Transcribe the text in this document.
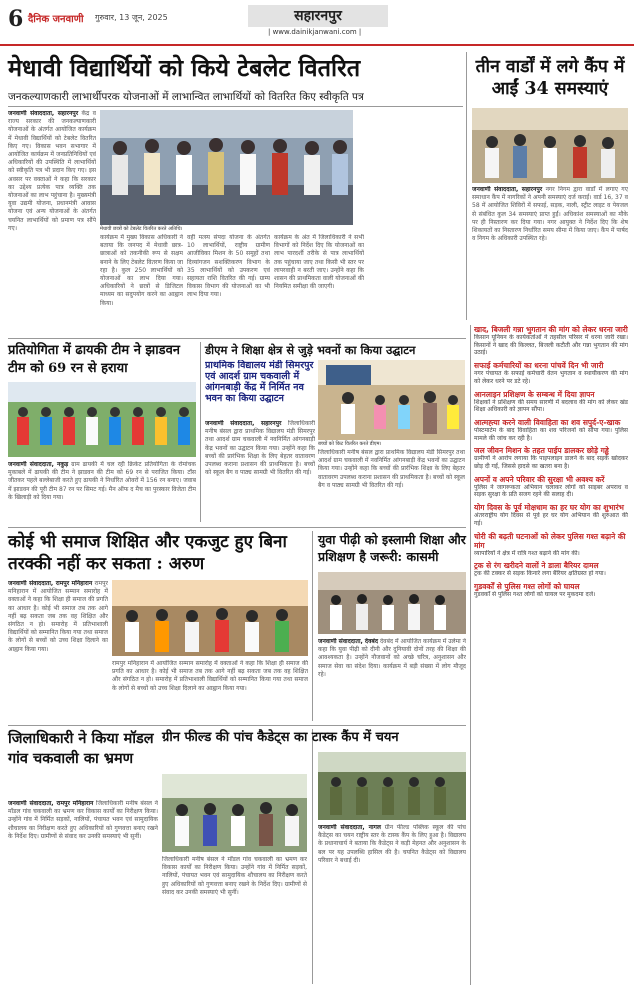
6 दैनिक जनवाणी गुरुवार, 13 जून, 2025	सहारनपुर
| www.dainikjanwani.com |
मेधावी विद्यार्थियों को किये टेबलेट वितरित
जनकल्याणकारी लाभार्थीपरक योजनाओं में लाभान्वित लाभार्थियों को वितरित किए स्वीकृति पत्र
जनवाणी संवाददाता, सहारनपुर केंद्र व राज्य सरकार की जनकल्याणकारी योजनाओं के अंतर्गत आयोजित कार्यक्रम में मेधावी विद्यार्थियों को टेबलेट वितरित किए गए। विकास भवन सभागार में आयोजित कार्यक्रम में जनप्रतिनिधियों एवं अधिकारियों की उपस्थिति में लाभार्थियों को स्वीकृति पत्र भी प्रदान किए गए। इस अवसर पर वक्ताओं ने कहा कि सरकार का उद्देश्य प्रत्येक पात्र व्यक्ति तक योजनाओं का लाभ पहुंचाना है। मुख्यमंत्री युवा उद्यमी योजना, प्रधानमंत्री आवास योजना एवं अन्य योजनाओं के अंतर्गत चयनित लाभार्थियों को प्रमाण पत्र सौंपे गए।	मेधावी छात्रों को टेबलेट वितरित करते अतिथि।
कार्यक्रम में मुख्य विकास अधिकारी ने बताया कि जनपद में मेधावी छात्र-छात्राओं को तकनीकी रूप से सक्षम बनाने के लिए टेबलेट वितरण किया जा रहा है। कुल 250 लाभार्थियों को योजनाओं का लाभ दिया गया। अधिकारियों ने छात्रों से डिजिटल माध्यम का सदुपयोग करने का आह्वान किया।
वहीं मत्स्य संपदा योजना के अंतर्गत 10 लाभार्थियों, राष्ट्रीय ग्रामीण आजीविका मिशन के 50 समूहों तथा दिव्यांगजन सशक्तिकरण विभाग के 35 लाभार्थियों को उपकरण एवं सहायता राशि वितरित की गई। ग्राम्य विकास विभाग की योजनाओं का भी लाभ दिया गया।
कार्यक्रम के अंत में जिलाधिकारी ने सभी विभागों को निर्देश दिए कि योजनाओं का लाभ पारदर्शी तरीके से पात्र लाभार्थियों तक पहुंचाया जाए तथा किसी भी स्तर पर लापरवाही न बरती जाए। उन्होंने कहा कि शासन की प्राथमिकता वाली योजनाओं की नियमित समीक्षा की जाएगी।
तीन वार्डों में लगे कैंप में आईं 34 समस्याएं
जनवाणी संवाददाता, सहारनपुर नगर निगम द्वारा वार्डों में लगाए गए समाधान कैंप में नागरिकों ने अपनी समस्याएं दर्ज कराईं। वार्ड 16, 37 व 58 में आयोजित शिविरों में सफाई, सड़क, नाली, स्ट्रीट लाइट व पेयजल से संबंधित कुल 34 समस्याएं प्राप्त हुईं। अधिकांश समस्याओं का मौके पर ही निस्तारण कर दिया गया। नगर आयुक्त ने निर्देश दिए कि शेष शिकायतों का निस्तारण निर्धारित समय सीमा में किया जाए। कैंप में पार्षद व निगम के अधिकारी उपस्थित रहे।
प्रतियोगिता में ढायकी टीम ने झाडवन टीम को 69 रन से हराया
जनवाणी संवाददाता, नकुड़ ग्राम ढायकी में चल रही क्रिकेट प्रतियोगिता के रोमांचक मुकाबले में ढायकी की टीम ने झाडवन की टीम को 69 रन से पराजित किया। टॉस जीतकर पहले बल्लेबाजी करते हुए ढायकी ने निर्धारित ओवरों में 156 रन बनाए। जवाब में झाडवन की पूरी टीम 87 रन पर सिमट गई। मैन ऑफ द मैच का पुरस्कार विजेता टीम के खिलाड़ी को दिया गया।
डीएम ने शिक्षा क्षेत्र से जुड़े भवनों का किया उद्घाटन
प्राथमिक विद्यालय मंडी सिमरपुर एवं आदर्श ग्राम चकवाली में आंगनबाड़ी केंद्र में निर्मित नव भवन का किया उद्घाटन
बच्चों को किट वितरित करते डीएम।
जनवाणी संवाददाता, सहारनपुर जिलाधिकारी मनीष बंसल द्वारा प्राथमिक विद्यालय मंडी सिमरपुर तथा आदर्श ग्राम चकवाली में नवनिर्मित आंगनबाड़ी केंद्र भवनों का उद्घाटन किया गया। उन्होंने कहा कि बच्चों की प्रारंभिक शिक्षा के लिए बेहतर वातावरण उपलब्ध कराना प्रशासन की प्राथमिकता है। बच्चों को स्कूल बैग व पाठ्य सामग्री भी वितरित की गई।
जिलाधिकारी मनीष बंसल द्वारा प्राथमिक विद्यालय मंडी सिमरपुर तथा आदर्श ग्राम चकवाली में नवनिर्मित आंगनबाड़ी केंद्र भवनों का उद्घाटन किया गया। उन्होंने कहा कि बच्चों की प्रारंभिक शिक्षा के लिए बेहतर वातावरण उपलब्ध कराना प्रशासन की प्राथमिकता है। बच्चों को स्कूल बैग व पाठ्य सामग्री भी वितरित की गई।
कोई भी समाज शिक्षित और एकजुट हुए बिना तरक्की नहीं कर सकता : अरुण
जनवाणी संवाददाता, रामपुर मनिहारान रामपुर मनिहारान में आयोजित सम्मान समारोह में वक्ताओं ने कहा कि शिक्षा ही समाज की प्रगति का आधार है। कोई भी समाज तब तक आगे नहीं बढ़ सकता जब तक वह शिक्षित और संगठित न हो। समारोह में प्रतिभाशाली विद्यार्थियों को सम्मानित किया गया तथा समाज के लोगों से बच्चों को उच्च शिक्षा दिलाने का आह्वान किया गया।
रामपुर मनिहारान में आयोजित सम्मान समारोह में वक्ताओं ने कहा कि शिक्षा ही समाज की प्रगति का आधार है। कोई भी समाज तब तक आगे नहीं बढ़ सकता जब तक वह शिक्षित और संगठित न हो। समारोह में प्रतिभाशाली विद्यार्थियों को सम्मानित किया गया तथा समाज के लोगों से बच्चों को उच्च शिक्षा दिलाने का आह्वान किया गया।
युवा पीढ़ी को इस्लामी शिक्षा और प्रशिक्षण है जरूरी: कासमी
जनवाणी संवाददाता, देवबंद देवबंद में आयोजित कार्यक्रम में उलेमा ने कहा कि युवा पीढ़ी को दीनी और दुनियावी दोनों तरह की शिक्षा की आवश्यकता है। उन्होंने नौजवानों को अच्छे चरित्र, अनुशासन और समाज सेवा का संदेश दिया। कार्यक्रम में बड़ी संख्या में लोग मौजूद रहे।
जिलाधिकारी ने किया मॉडल गांव चकवाली का भ्रमण
जनवाणी संवाददाता, रामपुर मनिहारान जिलाधिकारी मनीष बंसल ने मॉडल गांव चकवाली का भ्रमण कर विकास कार्यों का निरीक्षण किया। उन्होंने गांव में निर्मित सड़कों, नालियों, पंचायत भवन एवं सामुदायिक शौचालय का निरीक्षण करते हुए अधिकारियों को गुणवत्ता बनाए रखने के निर्देश दिए। ग्रामीणों से संवाद कर उनकी समस्याएं भी सुनीं।
जिलाधिकारी मनीष बंसल ने मॉडल गांव चकवाली का भ्रमण कर विकास कार्यों का निरीक्षण किया। उन्होंने गांव में निर्मित सड़कों, नालियों, पंचायत भवन एवं सामुदायिक शौचालय का निरीक्षण करते हुए अधिकारियों को गुणवत्ता बनाए रखने के निर्देश दिए। ग्रामीणों से संवाद कर उनकी समस्याएं भी सुनीं।
ग्रीन फील्ड की पांच कैडेट्स का टास्क कैंप में चयन
जनवाणी संवाददाता, नागल ग्रीन फील्ड पब्लिक स्कूल की पांच कैडेट्स का चयन राष्ट्रीय स्तर के टास्क कैंप के लिए हुआ है। विद्यालय के प्रधानाचार्य ने बताया कि कैडेट्स ने कड़ी मेहनत और अनुशासन के बल पर यह उपलब्धि हासिल की है। चयनित कैडेट्स को विद्यालय परिवार ने बधाई दी।
खाद, बिजली गन्ना भुगतान की मांग को लेकर धरना जारी
किसान यूनियन के कार्यकर्ताओं ने तहसील परिसर में धरना जारी रखा। किसानों ने खाद की किल्लत, बिजली कटौती और गन्ना भुगतान की मांग उठाई।
सफाई कर्मचारियों का धरना पांचवें दिन भी जारी
नगर पंचायत के सफाई कर्मचारी वेतन भुगतान व स्थायीकरण की मांग को लेकर धरने पर डटे रहे।
आनलाइन प्रशिक्षण के सम्बन्ध में दिया ज्ञापन
शिक्षकों ने प्रशिक्षण की समय सारणी में बदलाव की मांग को लेकर खंड शिक्षा अधिकारी को ज्ञापन सौंपा।
आत्मह्त्या करने वाली विवाहिता का शव सपुर्द-ए-खाक
पोस्टमार्टम के बाद विवाहिता का शव परिजनों को सौंपा गया। पुलिस मामले की जांच कर रही है।
जल जीवन मिशन के तहत पाईप डालकर छोड़े गड्ढे
ग्रामीणों ने आरोप लगाया कि पाइपलाइन डालने के बाद सड़कें खोदकर छोड़ दी गईं, जिससे हादसे का खतरा बना है।
अपनों व अपने परिवार की सुरक्षा भी अवश्य करें
पुलिस ने जागरूकता अभियान चलाकर लोगों को साइबर अपराध व सड़क सुरक्षा के प्रति सजग रहने की सलाह दी।
योग दिवस के पूर्व मोक्षधाम का हर घर योग का शुभारंभ
अंतरराष्ट्रीय योग दिवस से पूर्व हर घर योग अभियान की शुरुआत की गई।
चोरी की बढ़ती घटनाओं को लेकर पुलिस गश्त बढ़ाने की मांग
व्यापारियों ने क्षेत्र में रात्रि गश्त बढ़ाने की मांग की।
ट्रक से रंग खरीदने वालों ने डाला बैरियर दामल
ट्रक की टक्कर से सड़क किनारे लगा बैरियर क्षतिग्रस्त हो गया।
गुडवर्कों से पुलिस गश्त लोगों को घायल
गुडवर्कों से पुलिस गश्त लोगों को घायल पर मुकदमा दर्ज।
